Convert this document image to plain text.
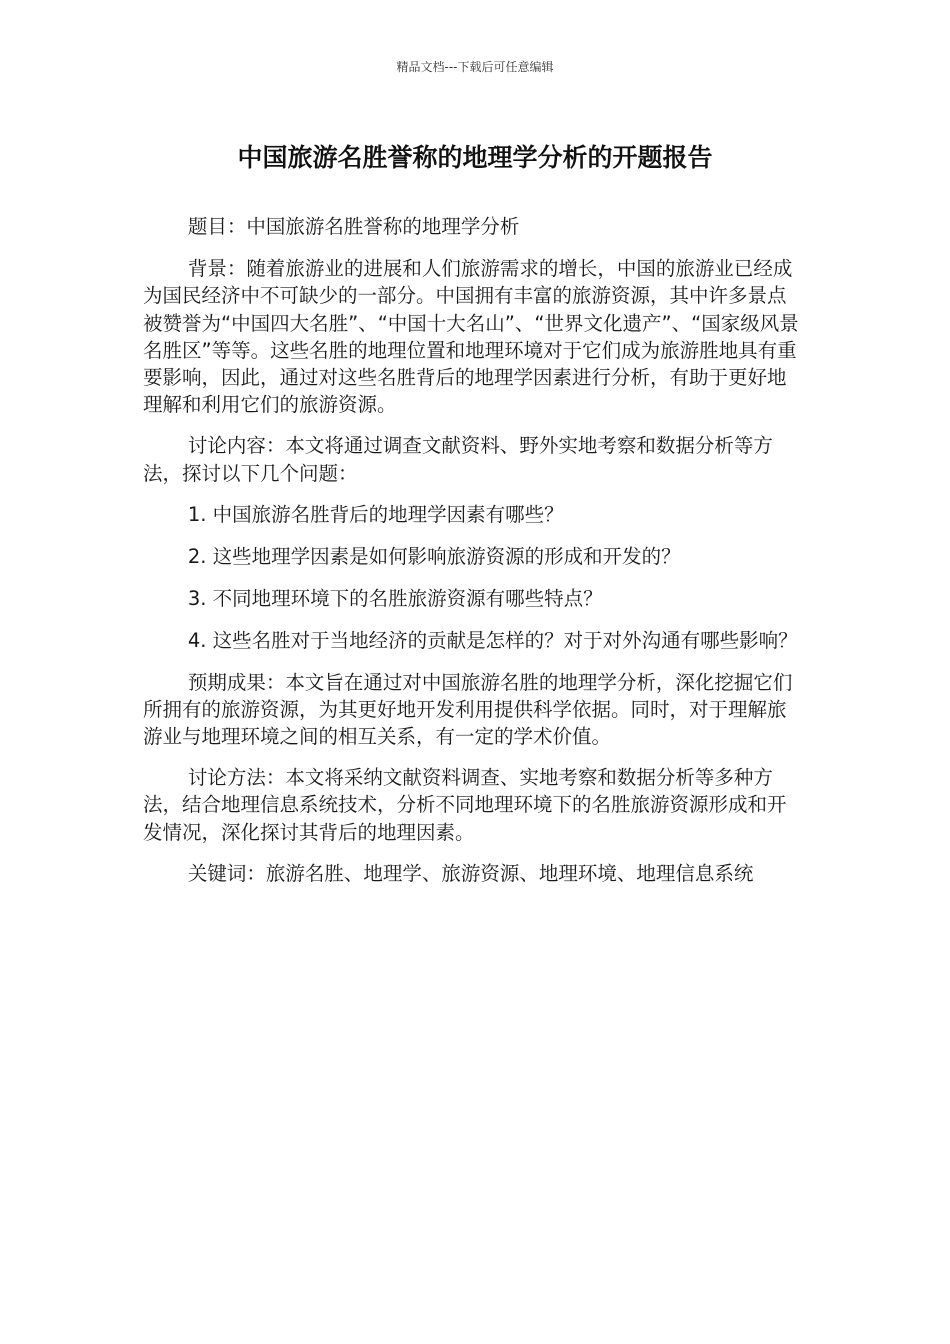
精品文档---下载后可任意编辑
中国旅游名胜誉称的地理学分析的开题报告

题目：中国旅游名胜誉称的地理学分析

背景：随着旅游业的进展和人们旅游需求的增长，中国的旅游业已经成为国民经济中不可缺少的一部分。中国拥有丰富的旅游资源，其中许多景点被赞誉为“中国四大名胜”、“中国十大名山”、“世界文化遗产”、“国家级风景名胜区”等等。这些名胜的地理位置和地理环境对于它们成为旅游胜地具有重要影响，因此，通过对这些名胜背后的地理学因素进行分析，有助于更好地理解和利用它们的旅游资源。

讨论内容：本文将通过调查文献资料、野外实地考察和数据分析等方法，探讨以下几个问题：

1. 中国旅游名胜背后的地理学因素有哪些？

2. 这些地理学因素是如何影响旅游资源的形成和开发的？

3. 不同地理环境下的名胜旅游资源有哪些特点？

4. 这些名胜对于当地经济的贡献是怎样的？对于对外沟通有哪些影响？

预期成果：本文旨在通过对中国旅游名胜的地理学分析，深化挖掘它们所拥有的旅游资源，为其更好地开发利用提供科学依据。同时，对于理解旅游业与地理环境之间的相互关系，有一定的学术价值。

讨论方法：本文将采纳文献资料调查、实地考察和数据分析等多种方法，结合地理信息系统技术，分析不同地理环境下的名胜旅游资源形成和开发情况，深化探讨其背后的地理因素。

关键词：旅游名胜、地理学、旅游资源、地理环境、地理信息系统
